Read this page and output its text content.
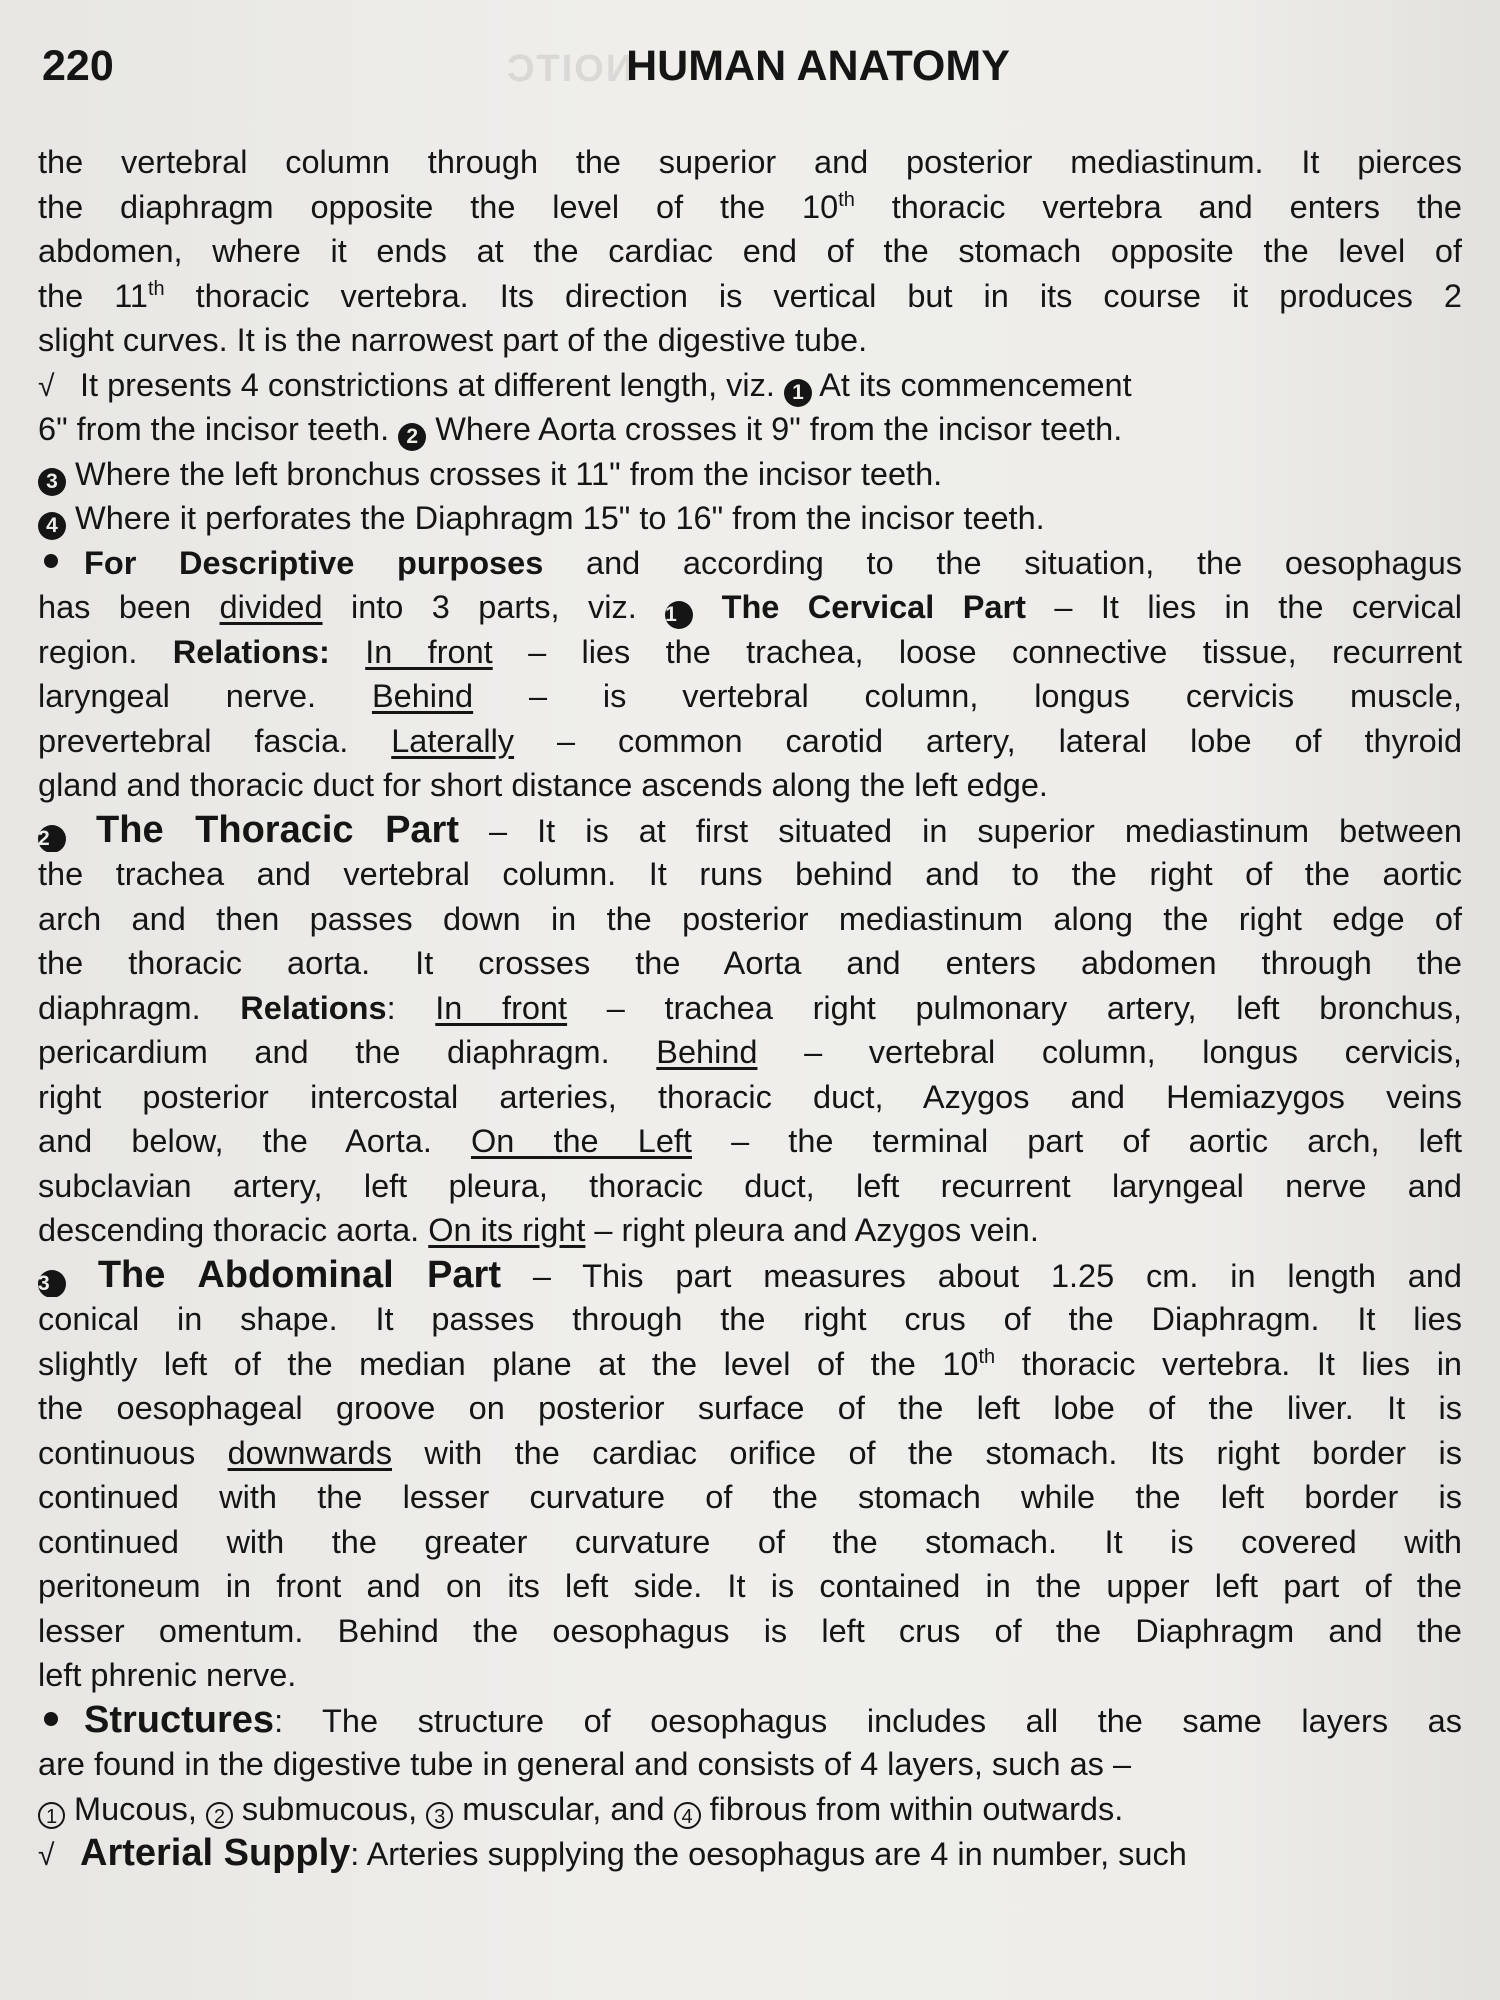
NOITC
220	HUMAN ANATOMY
the vertebral column through the superior and posterior mediastinum. It pierces
the diaphragm opposite the level of the 10th thoracic vertebra and enters the
abdomen, where it ends at the cardiac end of the stomach opposite the level of
the 11th thoracic vertebra. Its direction is vertical but in its course it produces 2
slight curves. It is the narrowest part of the digestive tube.
√ It presents 4 constrictions at different length, viz. 1 At its commencement
6" from the incisor teeth. 2 Where Aorta crosses it 9" from the incisor teeth.
3 Where the left bronchus crosses it 11" from the incisor teeth.
4 Where it perforates the Diaphragm 15" to 16" from the incisor teeth.
For Descriptive purposes and according to the situation, the oesophagus
has been divided into 3 parts, viz. 1 The Cervical Part – It lies in the cervical
region. Relations: In front – lies the trachea, loose connective tissue, recurrent
laryngeal nerve. Behind – is vertebral column, longus cervicis muscle,
prevertebral fascia. Laterally – common carotid artery, lateral lobe of thyroid
gland and thoracic duct for short distance ascends along the left edge.
2 The Thoracic Part – It is at first situated in superior mediastinum between
the trachea and vertebral column. It runs behind and to the right of the aortic
arch and then passes down in the posterior mediastinum along the right edge of
the thoracic aorta. It crosses the Aorta and enters abdomen through the
diaphragm. Relations: In front – trachea right pulmonary artery, left bronchus,
pericardium and the diaphragm. Behind – vertebral column, longus cervicis,
right posterior intercostal arteries, thoracic duct, Azygos and Hemiazygos veins
and below, the Aorta. On the Left – the terminal part of aortic arch, left
subclavian artery, left pleura, thoracic duct, left recurrent laryngeal nerve and
descending thoracic aorta. On its right – right pleura and Azygos vein.
3 The Abdominal Part – This part measures about 1.25 cm. in length and
conical in shape. It passes through the right crus of the Diaphragm. It lies
slightly left of the median plane at the level of the 10th thoracic vertebra. It lies in
the oesophageal groove on posterior surface of the left lobe of the liver. It is
continuous downwards with the cardiac orifice of the stomach. Its right border is
continued with the lesser curvature of the stomach while the left border is
continued with the greater curvature of the stomach. It is covered with
peritoneum in front and on its left side. It is contained in the upper left part of the
lesser omentum. Behind the oesophagus is left crus of the Diaphragm and the
left phrenic nerve.
Structures: The structure of oesophagus includes all the same layers as
are found in the digestive tube in general and consists of 4 layers, such as –
1 Mucous, 2 submucous, 3 muscular, and 4 fibrous from within outwards.
√ Arterial Supply: Arteries supplying the oesophagus are 4 in number, such
